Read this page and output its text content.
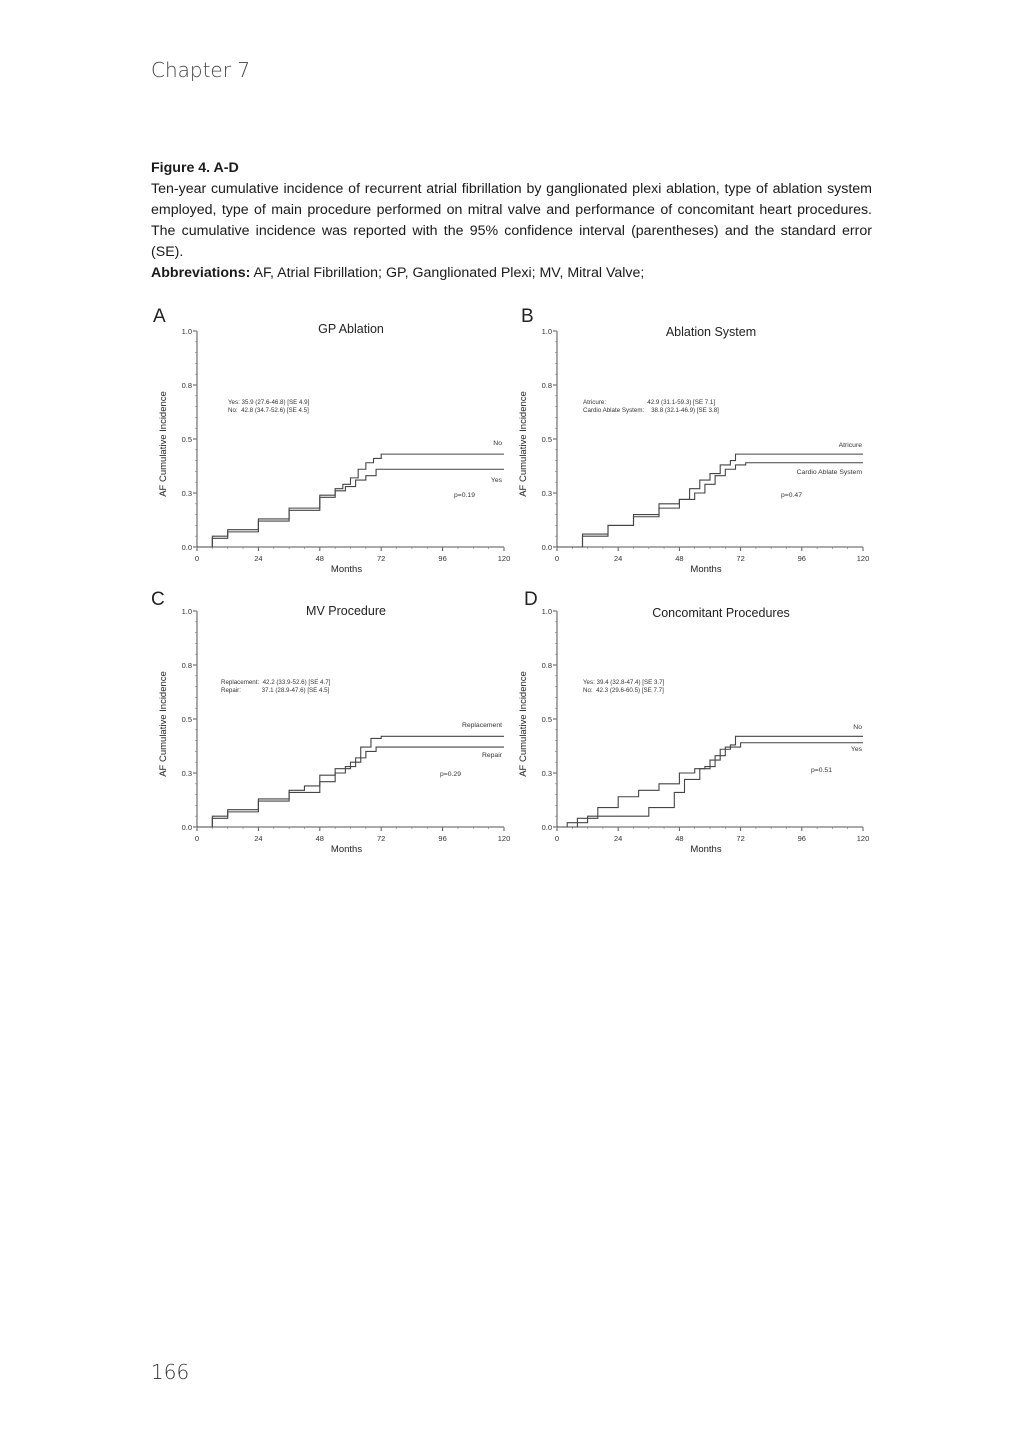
Chapter 7
Figure 4. A-D

Ten-year cumulative incidence of recurrent atrial fibrillation by ganglionated plexi ablation, type of ablation system employed, type of main procedure performed on mitral valve and performance of concomitant heart procedures. The cumulative incidence was reported with the 95% confidence interval (parentheses) and the standard error (SE).

Abbreviations: AF, Atrial Fibrillation; GP, Ganglionated Plexi; MV, Mitral Valve;

A
GP Ablation
0.0
0.3
0.5
0.8
1.0
0	24	48	72	96	120
Months
AF Cumulative Incidence	Yes: 35.9 (27.6-46.8) [SE 4.9]
No:  42.8 (34.7-52.6) [SE 4.5]
p=0.19
No
Yes
B
Ablation System
0.0
0.3
0.5
0.8
1.0
0	24	48	72	96	120
Months
AF Cumulative Incidence	Atricure:                        42.9 (31.1-59.3) [SE 7.1]
Cardio Ablate System:    38.8 (32.1-46.9) [SE 3.8]
p=0.47
Atricure
Cardio Ablate System
C
MV Procedure
0.0
0.3
0.5
0.8
1.0
0	24	48	72	96	120
Months
AF Cumulative Incidence	Replacement:  42.2 (33.9-52.6) [SE 4.7]
Repair:            37.1 (28.9-47.6) [SE 4.5]
p=0.29
Replacement
Repair
D
Concomitant Procedures
0.0
0.3
0.5
0.8
1.0
0	24	48	72	96	120
Months
AF Cumulative Incidence	Yes: 39.4 (32.8-47.4) [SE 3.7]
No:  42.3 (29.6-60.5) [SE 7.7]
p=0.51
No
Yes
166
